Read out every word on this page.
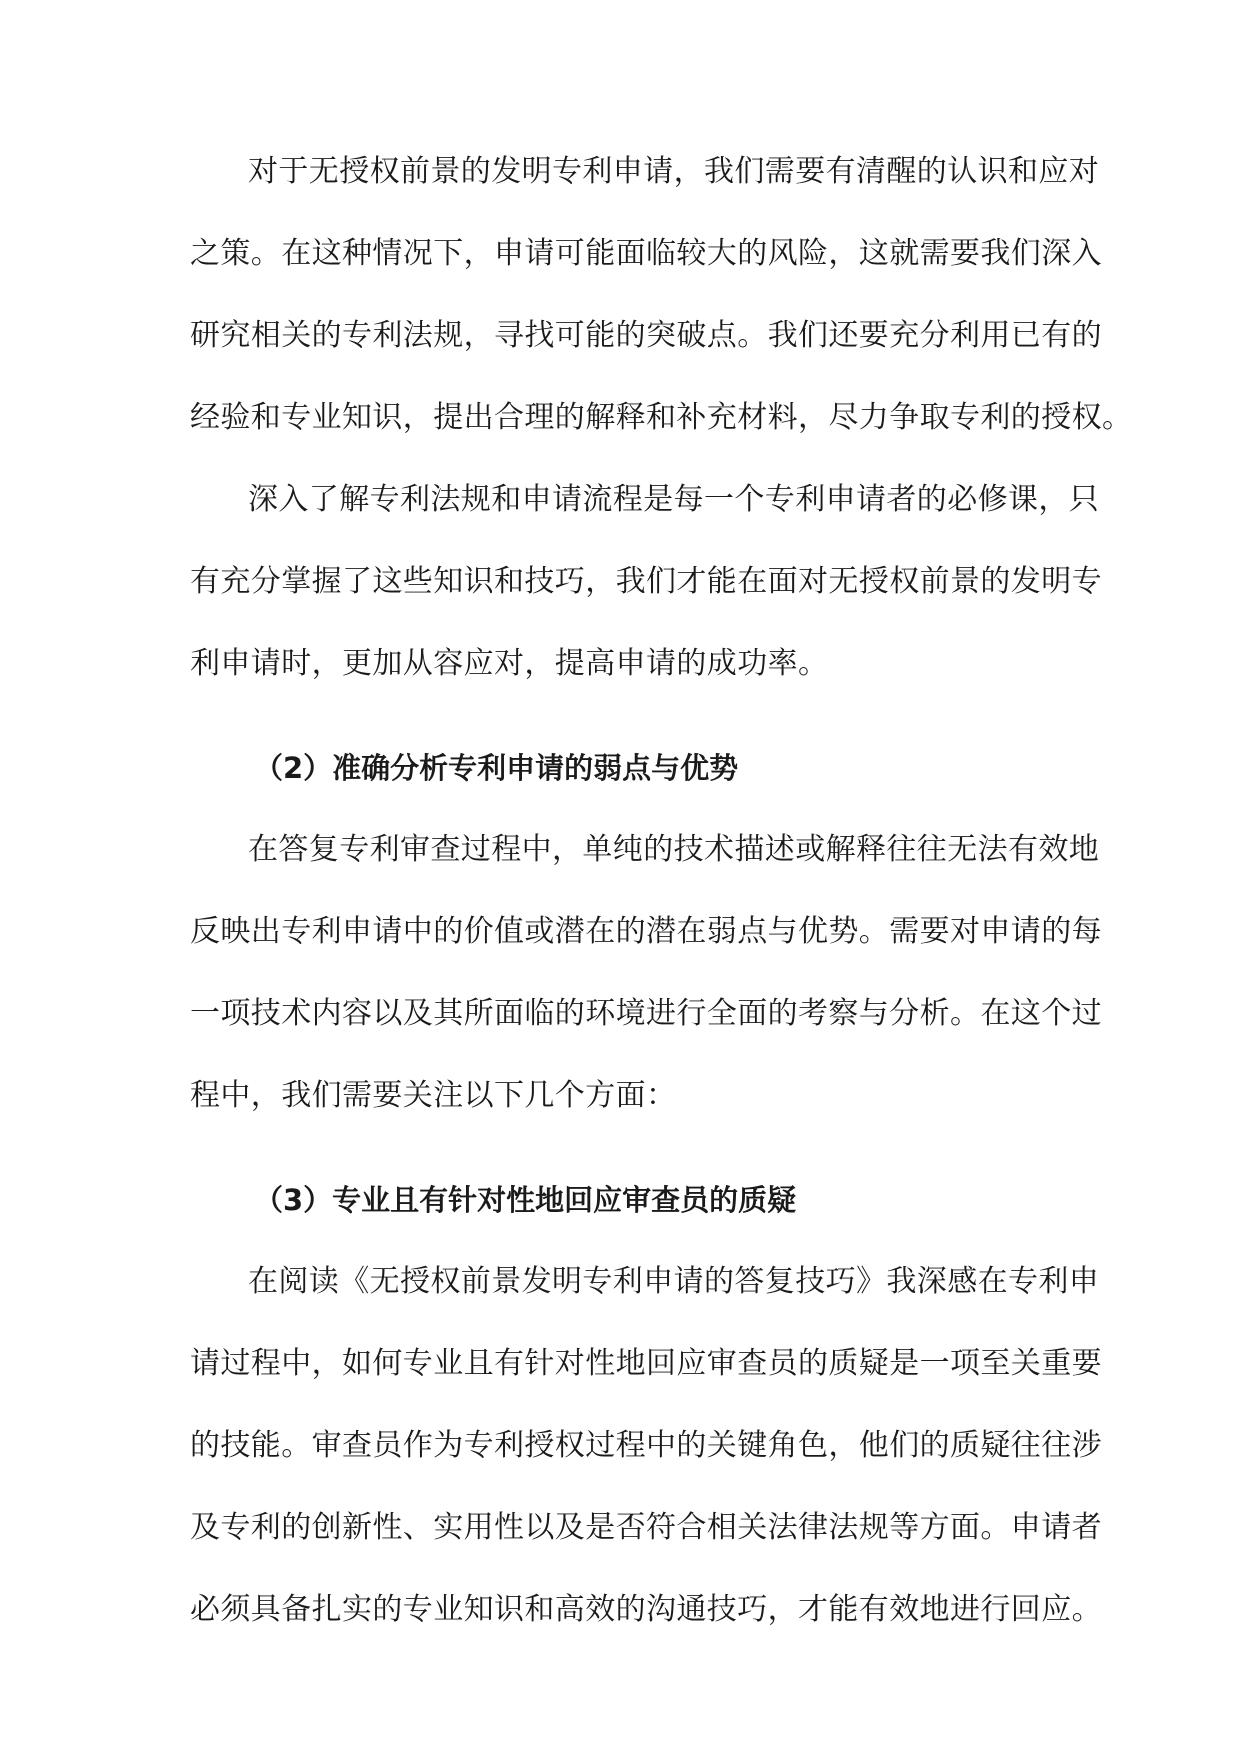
对于无授权前景的发明专利申请，我们需要有清醒的认识和应对
之策。在这种情况下，申请可能面临较大的风险，这就需要我们深入
研究相关的专利法规，寻找可能的突破点。我们还要充分利用已有的
经验和专业知识，提出合理的解释和补充材料，尽力争取专利的授权。
深入了解专利法规和申请流程是每一个专利申请者的必修课，只
有充分掌握了这些知识和技巧，我们才能在面对无授权前景的发明专
利申请时，更加从容应对，提高申请的成功率。
（2）准确分析专利申请的弱点与优势
在答复专利审查过程中，单纯的技术描述或解释往往无法有效地
反映出专利申请中的价值或潜在的潜在弱点与优势。需要对申请的每
一项技术内容以及其所面临的环境进行全面的考察与分析。在这个过
程中，我们需要关注以下几个方面：
（3）专业且有针对性地回应审查员的质疑
在阅读《无授权前景发明专利申请的答复技巧》我深感在专利申
请过程中，如何专业且有针对性地回应审查员的质疑是一项至关重要
的技能。审查员作为专利授权过程中的关键角色，他们的质疑往往涉
及专利的创新性、实用性以及是否符合相关法律法规等方面。申请者
必须具备扎实的专业知识和高效的沟通技巧，才能有效地进行回应。
